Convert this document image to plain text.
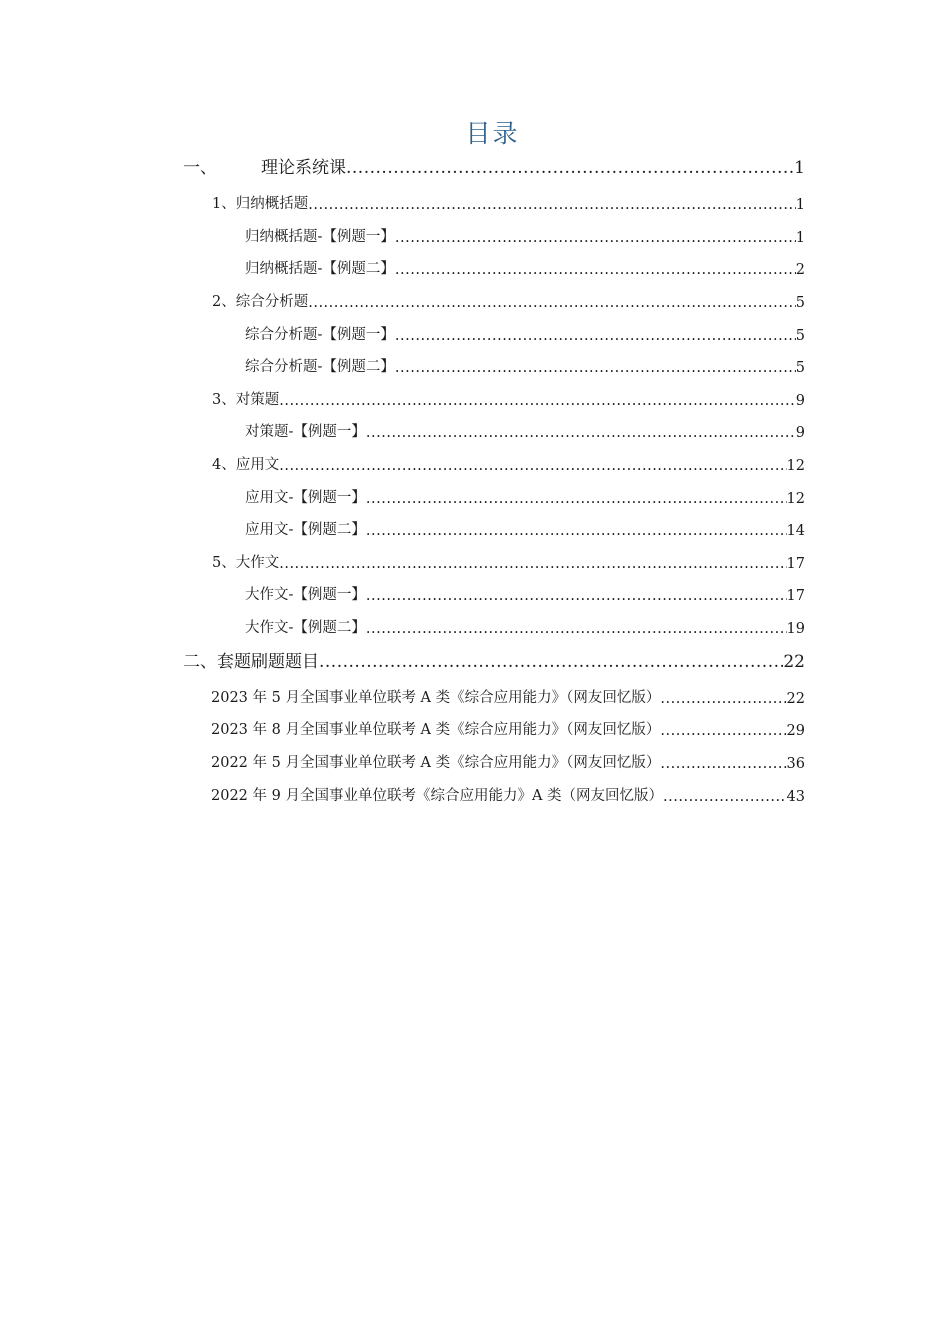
目录
一、	理论系统课 .....	1
1、归纳概括题 .....	1
归纳概括题-【例题一】 .....	1
归纳概括题-【例题二】 .....	2
2、综合分析题 .....	5
综合分析题-【例题一】 .....	5
综合分析题-【例题二】 .....	5
3、对策题 .....	9
对策题-【例题一】 .....	9
4、应用文 .....	12
应用文-【例题一】 .....	12
应用文-【例题二】 .....	14
5、大作文 .....	17
大作文-【例题一】 .....	17
大作文-【例题二】 .....	19
二、套题刷题题目 .....	22
2023 年 5 月全国事业单位联考 A 类《综合应用能力》（网友回忆版） .....	22
2023 年 8 月全国事业单位联考 A 类《综合应用能力》（网友回忆版） .....	29
2022 年 5 月全国事业单位联考 A 类《综合应用能力》（网友回忆版） .....	36
2022 年 9 月全国事业单位联考《综合应用能力》A 类（网友回忆版） .....	43
